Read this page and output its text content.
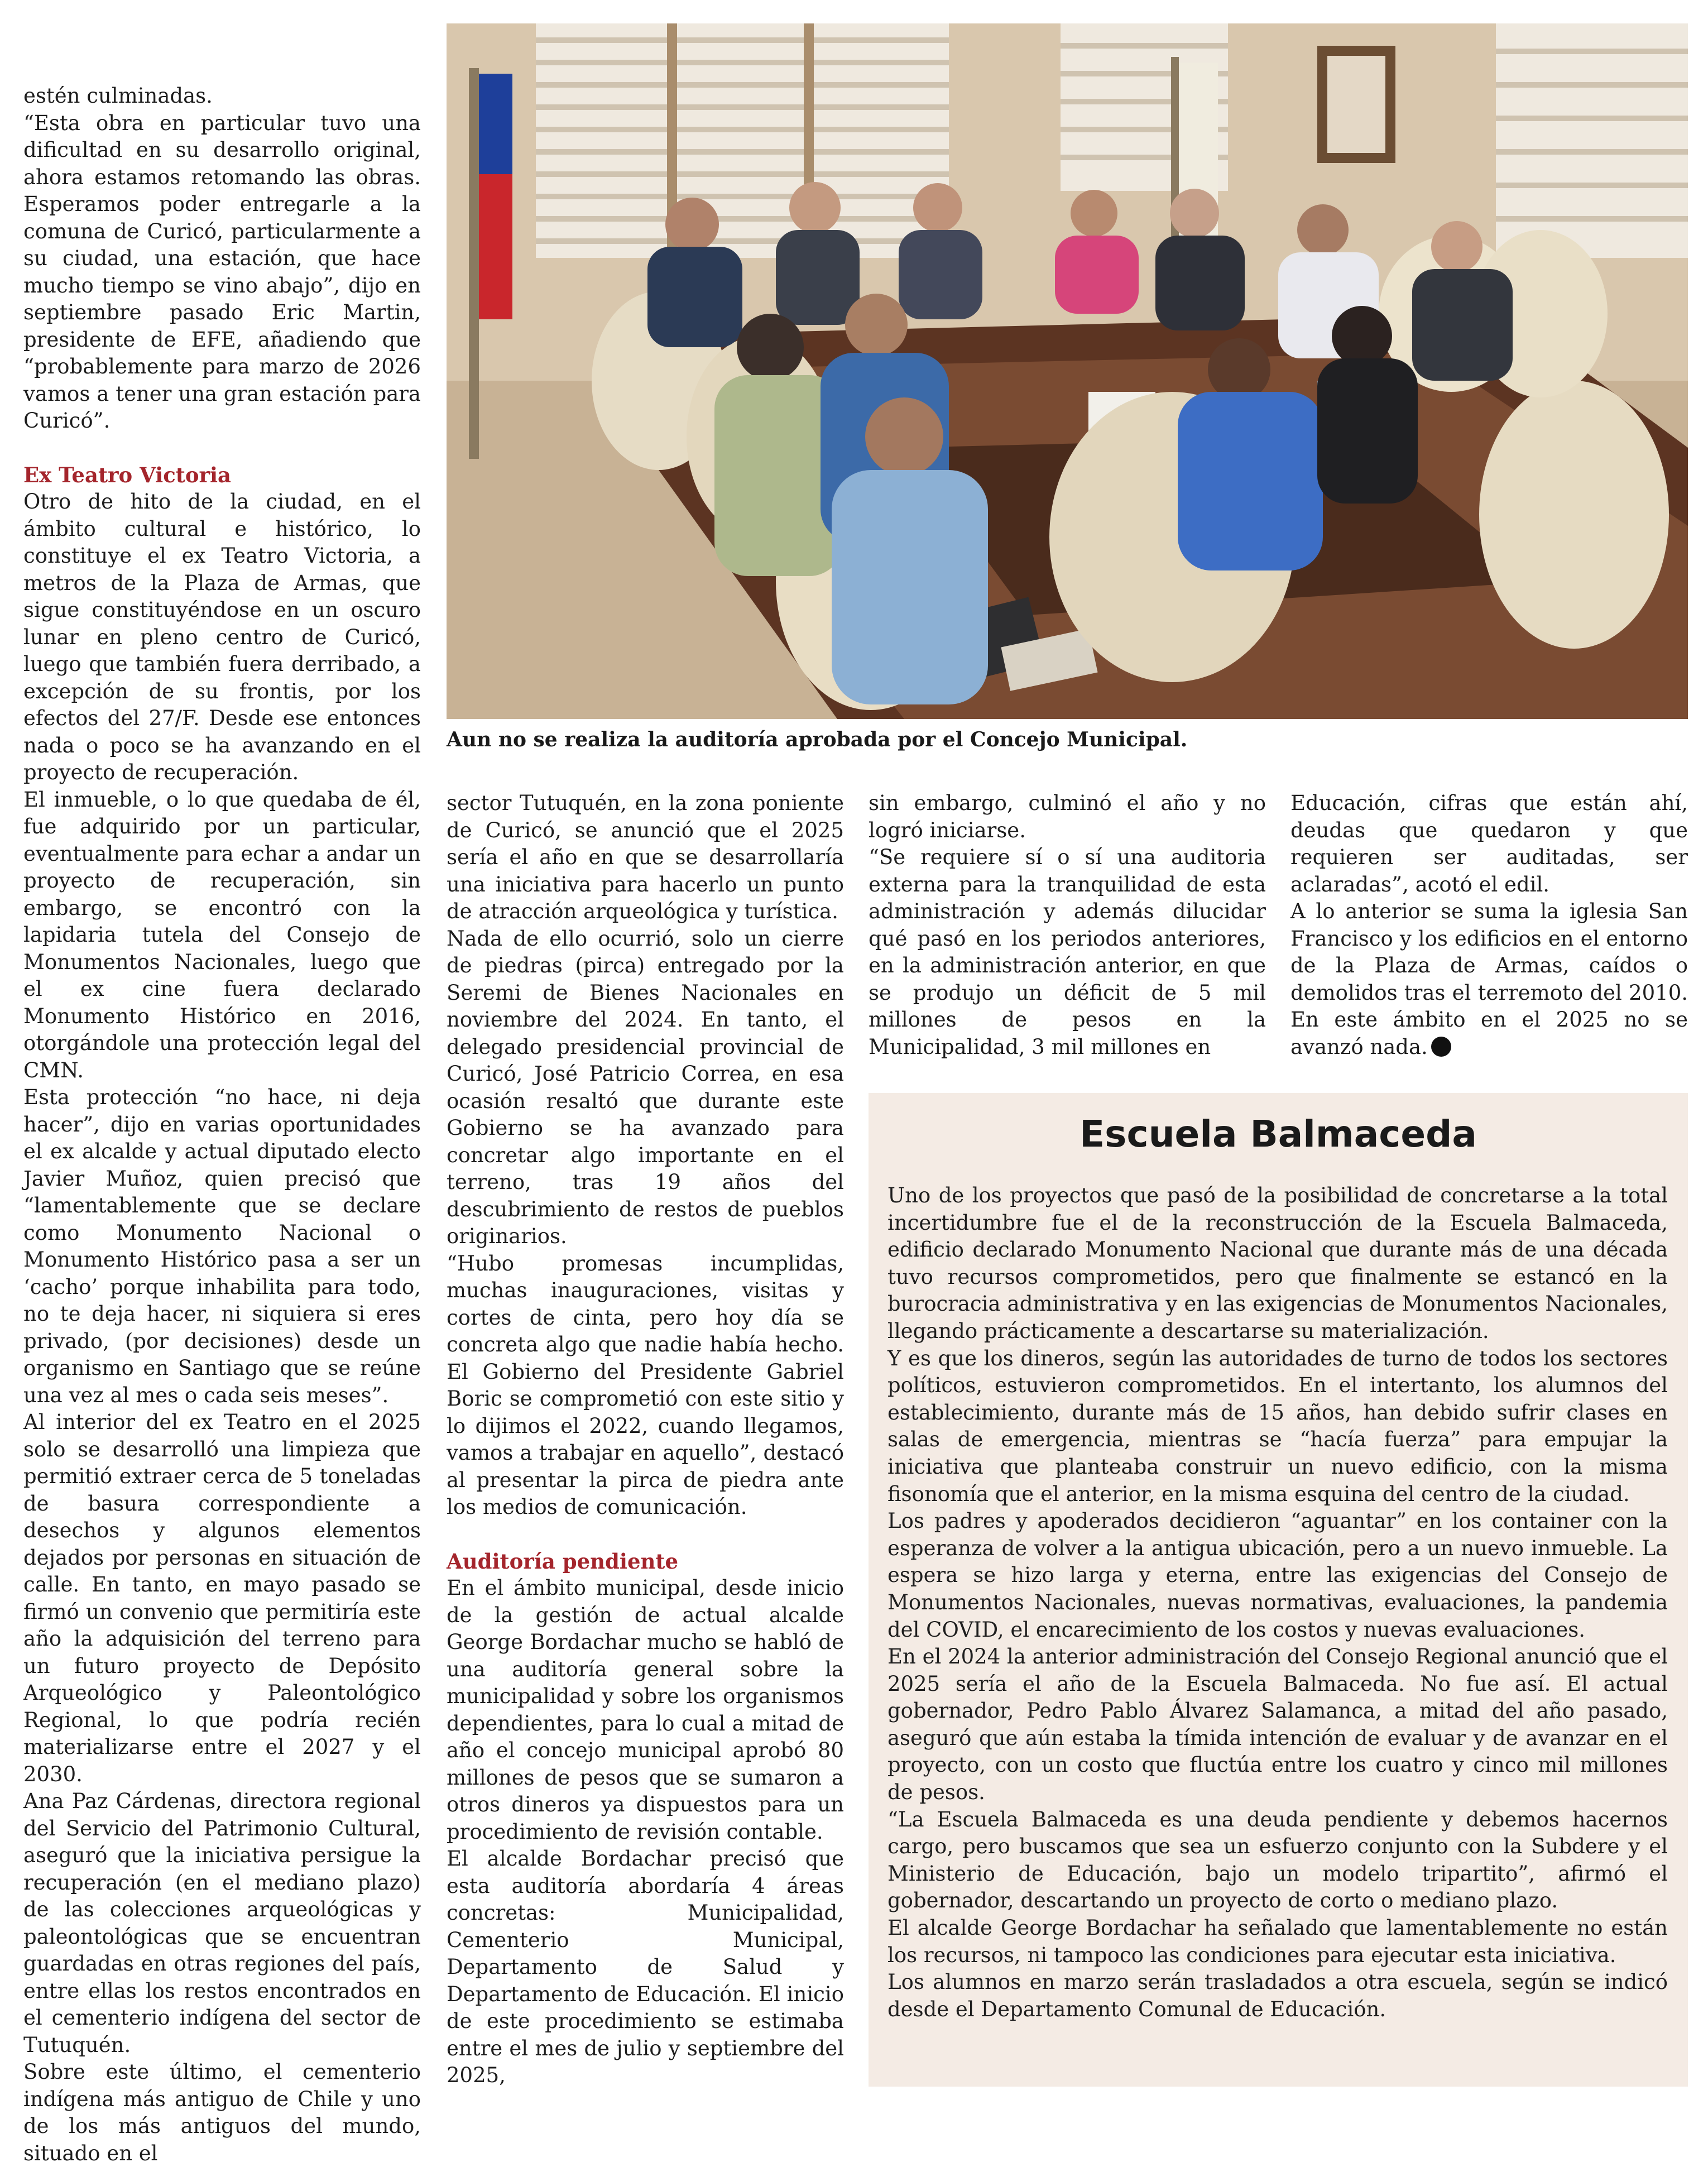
estén culminadas.

“Esta obra en particular tuvo una dificultad en su desarrollo original, ahora estamos retomando las obras. Esperamos poder entregarle a la comuna de Curicó, particularmente a su ciudad, una estación, que hace mucho tiempo se vino abajo”, dijo en septiembre pasado Eric Martin, presidente de EFE, añadiendo que “probablemente para marzo de 2026 vamos a tener una gran estación para Curicó”.

Ex Teatro Victoria

Otro de hito de la ciudad, en el ámbito cultural e histórico, lo constituye el ex Teatro Victoria, a metros de la Plaza de Armas, que sigue constituyéndose en un oscuro lunar en pleno centro de Curicó, luego que también fuera derribado, a excepción de su frontis, por los efectos del 27/F. Desde ese entonces nada o poco se ha avanzando en el proyecto de recuperación.

El inmueble, o lo que quedaba de él, fue adquirido por un particular, eventualmente para echar a andar un proyecto de recuperación, sin embargo, se encontró con la lapidaria tutela del Consejo de Monumentos Nacionales, luego que el ex cine fuera declarado Monumento Histórico en 2016, otorgándole una protección legal del CMN.

Esta protección “no hace, ni deja hacer”, dijo en varias oportunidades el ex alcalde y actual diputado electo Javier Muñoz, quien precisó que “lamentablemente que se declare como Monumento Nacional o Monumento Histórico pasa a ser un ‘cacho’ porque inhabilita para todo, no te deja hacer, ni siquiera si eres privado, (por decisiones) desde un organismo en Santiago que se reúne una vez al mes o cada seis meses”.

Al interior del ex Teatro en el 2025 solo se desarrolló una limpieza que permitió extraer cerca de 5 toneladas de basura correspondiente a desechos y algunos elementos dejados por personas en situación de calle. En tanto, en mayo pasado se firmó un convenio que permitiría este año la adquisición del terreno para un futuro proyecto de Depósito Arqueológico y Paleontológico Regional, lo que podría recién materializarse entre el 2027 y el 2030.

Ana Paz Cárdenas, directora regional del Servicio del Patrimonio Cultural, aseguró que la iniciativa persigue la recuperación (en el mediano plazo) de las colecciones arqueológicas y paleontológicas que se encuentran guardadas en otras regiones del país, entre ellas los restos encontrados en el cementerio indígena del sector de Tutuquén.

Sobre este último, el cementerio indígena más antiguo de Chile y uno de los más antiguos del mundo, situado en el

Aun no se realiza la auditoría aprobada por el Concejo Municipal.

sector Tutuquén, en la zona poniente de Curicó, se anunció que el 2025 sería el año en que se desarrollaría una iniciativa para hacerlo un punto de atracción arqueológica y turística.

Nada de ello ocurrió, solo un cierre de piedras (pirca) entregado por la Seremi de Bienes Nacionales en noviembre del 2024. En tanto, el delegado presidencial provincial de Curicó, José Patricio Correa, en esa ocasión resaltó que durante este Gobierno se ha avanzado para concretar algo importante en el terreno, tras 19 años del descubrimiento de restos de pueblos originarios.

“Hubo promesas incumplidas, muchas inauguraciones, visitas y cortes de cinta, pero hoy día se concreta algo que nadie había hecho. El Gobierno del Presidente Gabriel Boric se comprometió con este sitio y lo dijimos el 2022, cuando llegamos, vamos a trabajar en aquello”, destacó al presentar la pirca de piedra ante los medios de comunicación.

Auditoría pendiente

En el ámbito municipal, desde inicio de la gestión de actual alcalde George Bordachar mucho se habló de una auditoría general sobre la municipalidad y sobre los organismos dependientes, para lo cual a mitad de año el concejo municipal aprobó 80 millones de pesos que se sumaron a otros dineros ya dispuestos para un procedimiento de revisión contable.

El alcalde Bordachar precisó que esta auditoría abordaría 4 áreas concretas: Municipalidad, Cementerio Municipal, Departamento de Salud y Departamento de Educación. El inicio de este procedimiento se estimaba entre el mes de julio y septiembre del 2025,

sin embargo, culminó el año y no logró iniciarse.

“Se requiere sí o sí una auditoria externa para la tranquilidad de esta administración y además dilucidar qué pasó en los periodos anteriores, en la administración anterior, en que se produjo un déficit de 5 mil millones de pesos en la Municipalidad, 3 mil millones en

Educación, cifras que están ahí, deudas que quedaron y que requieren ser auditadas, ser aclaradas”, acotó el edil.

A lo anterior se suma la iglesia San Francisco y los edificios en el entorno de la Plaza de Armas, caídos o demolidos tras el terremoto del 2010. En este ámbito en el 2025 no se avanzó nada.

Escuela Balmaceda

Uno de los proyectos que pasó de la posibilidad de concretarse a la total incertidumbre fue el de la reconstrucción de la Escuela Balmaceda, edificio declarado Monumento Nacional que durante más de una década tuvo recursos comprometidos, pero que finalmente se estancó en la burocracia administrativa y en las exigencias de Monumentos Nacionales, llegando prácticamente a descartarse su materialización.

Y es que los dineros, según las autoridades de turno de todos los sectores políticos, estuvieron comprometidos. En el intertanto, los alumnos del establecimiento, durante más de 15 años, han debido sufrir clases en salas de emergencia, mientras se “hacía fuerza” para empujar la iniciativa que planteaba construir un nuevo edificio, con la misma fisonomía que el anterior, en la misma esquina del centro de la ciudad.

Los padres y apoderados decidieron “aguantar” en los container con la esperanza de volver a la antigua ubicación, pero a un nuevo inmueble. La espera se hizo larga y eterna, entre las exigencias del Consejo de Monumentos Nacionales, nuevas normativas, evaluaciones, la pandemia del COVID, el encarecimiento de los costos y nuevas evaluaciones.

En el 2024 la anterior administración del Consejo Regional anunció que el 2025 sería el año de la Escuela Balmaceda. No fue así. El actual gobernador, Pedro Pablo Álvarez Salamanca, a mitad del año pasado, aseguró que aún estaba la tímida intención de evaluar y de avanzar en el proyecto, con un costo que fluctúa entre los cuatro y cinco mil millones de pesos.

“La Escuela Balmaceda es una deuda pendiente y debemos hacernos cargo, pero buscamos que sea un esfuerzo conjunto con la Subdere y el Ministerio de Educación, bajo un modelo tripartito”, afirmó el gobernador, descartando un proyecto de corto o mediano plazo.

El alcalde George Bordachar ha señalado que lamentablemente no están los recursos, ni tampoco las condiciones para ejecutar esta iniciativa.

Los alumnos en marzo serán trasladados a otra escuela, según se indicó desde el Departamento Comunal de Educación.
